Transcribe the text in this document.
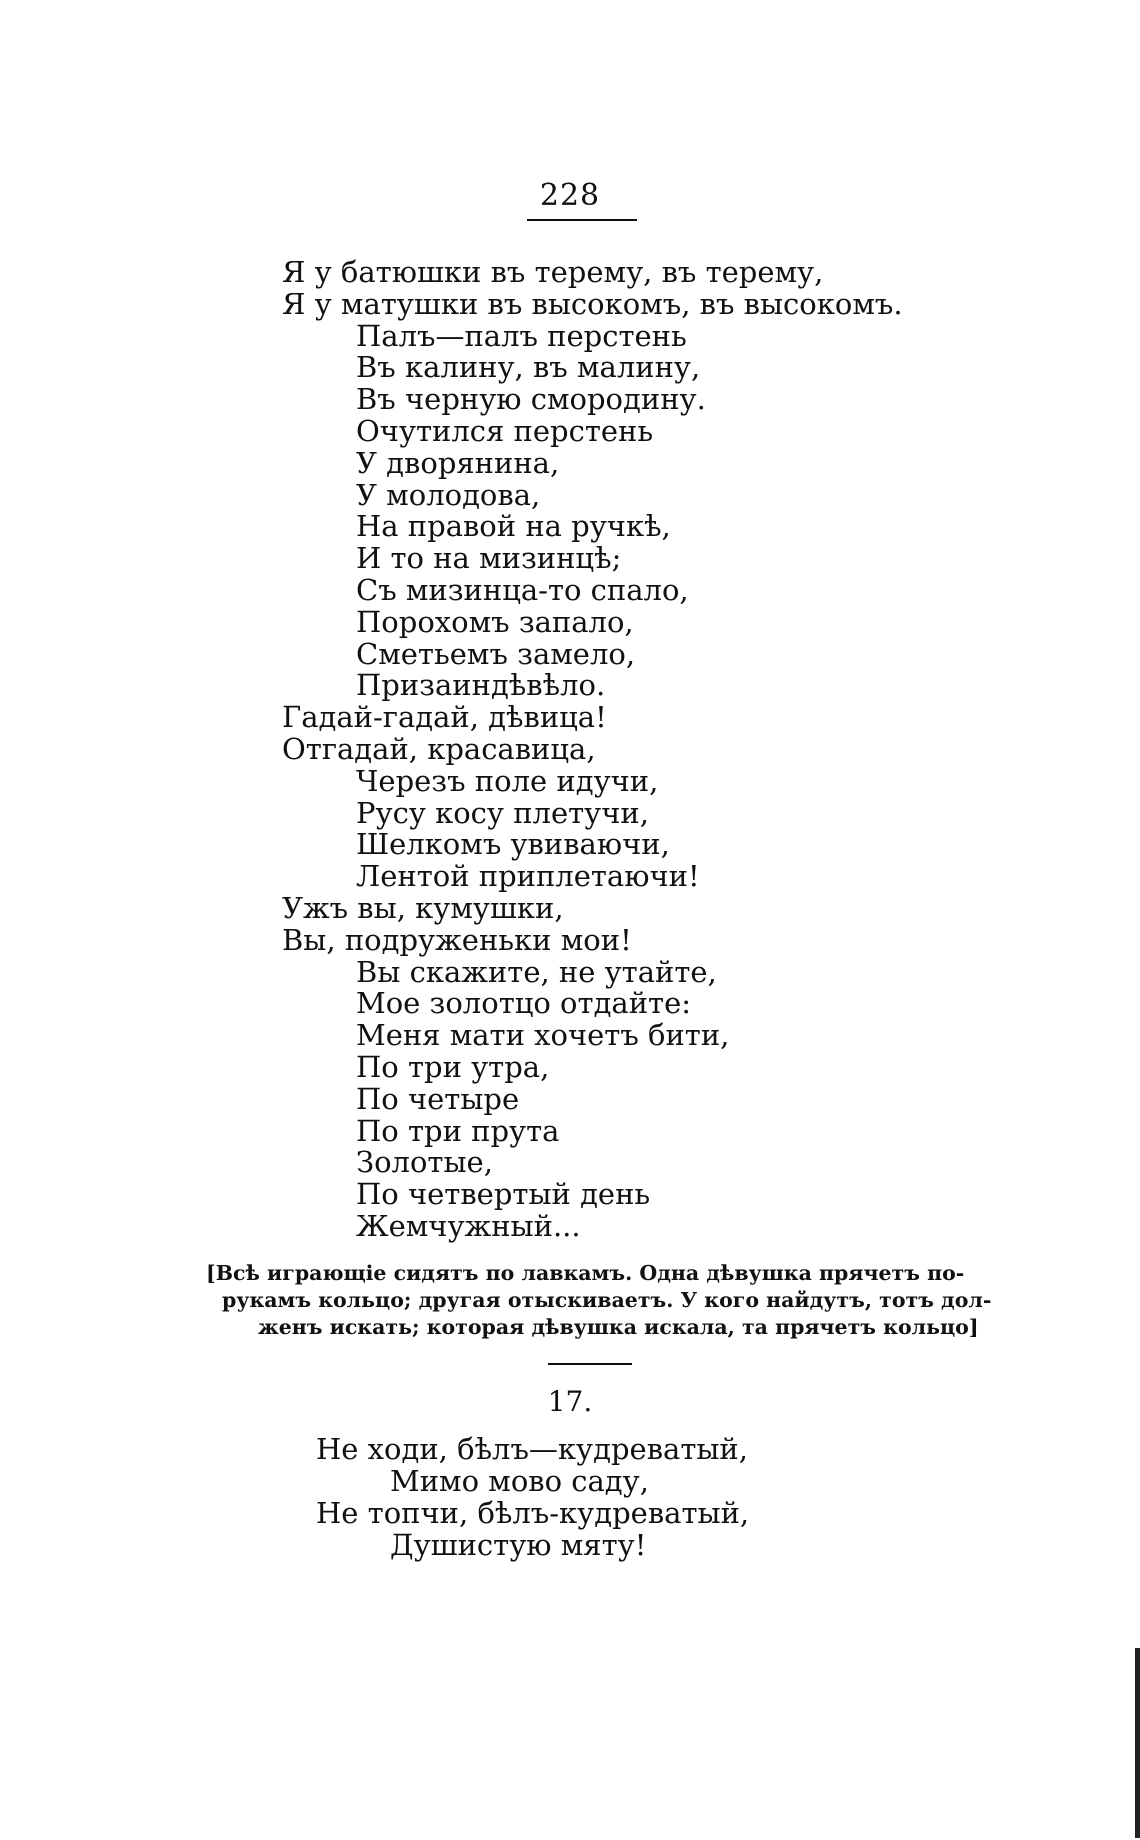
228
Я у батюшки въ терему, въ терему,
Я у матушки въ высокомъ, въ высокомъ.
Палъ—палъ перстень
Въ калину, въ малину,
Въ черную смородину.
Очутился перстень
У дворянина,
У молодова,
На правой на ручкѣ,
И то на мизинцѣ;
Съ мизинца-то спало,
Порохомъ запало,
Сметьемъ замело,
Призаиндѣвѣло.
Гадай-гадай, дѣвица!
Отгадай, красавица,
Черезъ поле идучи,
Русу косу плетучи,
Шелкомъ увиваючи,
Лентой приплетаючи!
Ужъ вы, кумушки,
Вы, подруженьки мои!
Вы скажите, не утайте,
Мое золотцо отдайте:
Меня мати хочетъ бити,
По три утра,
По четыре
По три прута
Золотые,
По четвертый день
Жемчужный...
[Всѣ играющіе сидятъ по лавкамъ. Одна дѣвушка прячетъ по-
рукамъ кольцо; другая отыскиваетъ. У кого найдутъ, тотъ дол-
женъ искать; которая дѣвушка искала, та прячетъ кольцо]
17.
Не ходи, бѣлъ—кудреватый,
Мимо мово саду,
Не топчи, бѣлъ-кудреватый,
Душистую мяту!
